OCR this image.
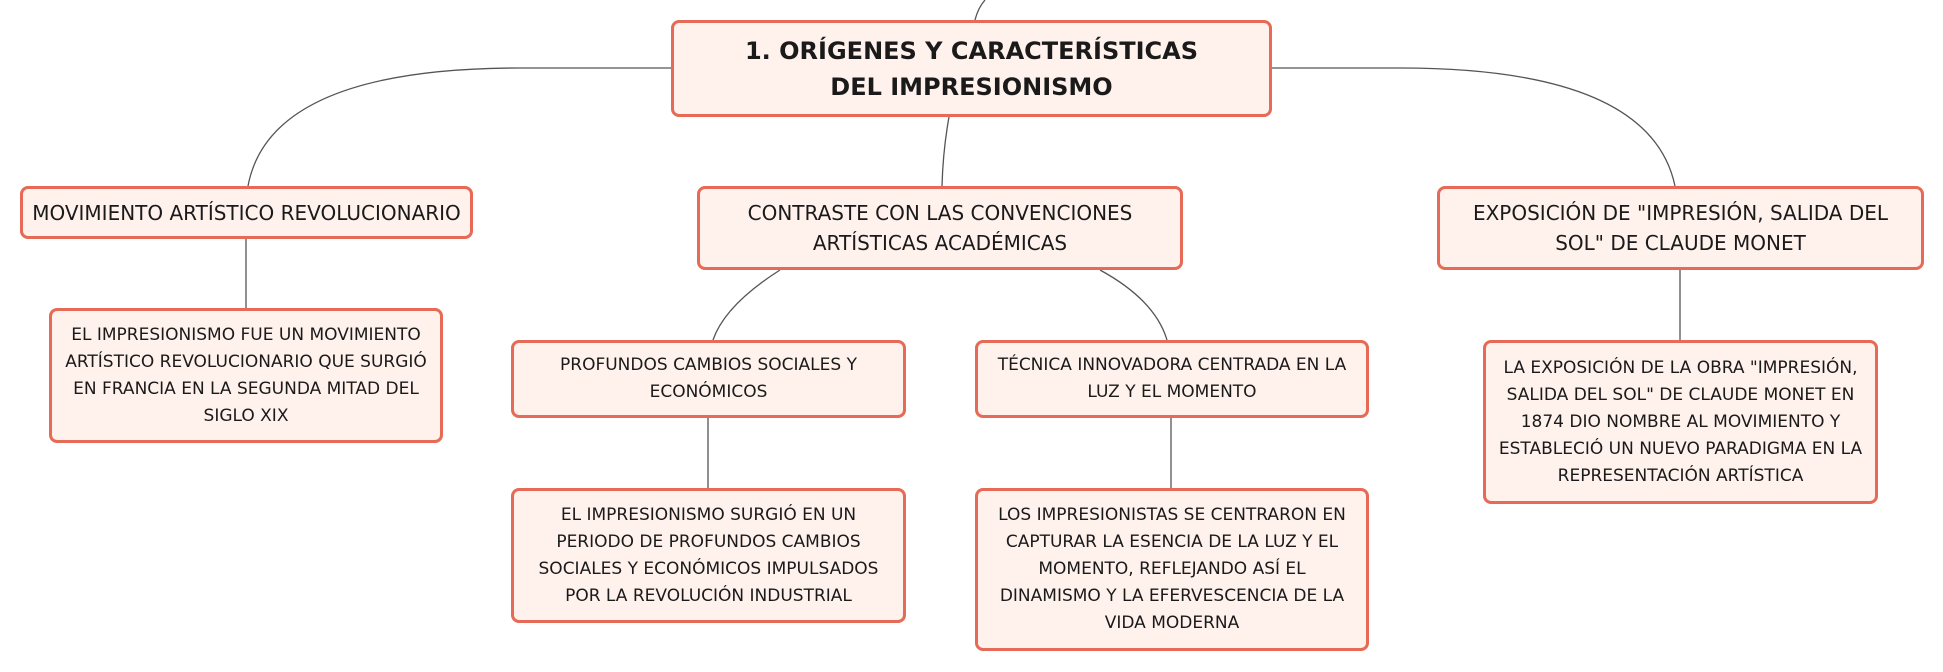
1. ORÍGENES Y CARACTERÍSTICAS DEL IMPRESIONISMO
MOVIMIENTO ARTÍSTICO REVOLUCIONARIO
EL IMPRESIONISMO FUE UN MOVIMIENTO ARTÍSTICO REVOLUCIONARIO QUE SURGIÓ EN FRANCIA EN LA SEGUNDA MITAD DEL SIGLO XIX
CONTRASTE CON LAS CONVENCIONES ARTÍSTICAS ACADÉMICAS
PROFUNDOS CAMBIOS SOCIALES Y ECONÓMICOS
EL IMPRESIONISMO SURGIÓ EN UN PERIODO DE PROFUNDOS CAMBIOS SOCIALES Y ECONÓMICOS IMPULSADOS POR LA REVOLUCIÓN INDUSTRIAL
TÉCNICA INNOVADORA CENTRADA EN LA LUZ Y EL MOMENTO
LOS IMPRESIONISTAS SE CENTRARON EN CAPTURAR LA ESENCIA DE LA LUZ Y EL MOMENTO, REFLEJANDO ASÍ EL DINAMISMO Y LA EFERVESCENCIA DE LA VIDA MODERNA
EXPOSICIÓN DE "IMPRESIÓN, SALIDA DEL SOL" DE CLAUDE MONET
LA EXPOSICIÓN DE LA OBRA "IMPRESIÓN, SALIDA DEL SOL" DE CLAUDE MONET EN 1874 DIO NOMBRE AL MOVIMIENTO Y ESTABLECIÓ UN NUEVO PARADIGMA EN LA REPRESENTACIÓN ARTÍSTICA
